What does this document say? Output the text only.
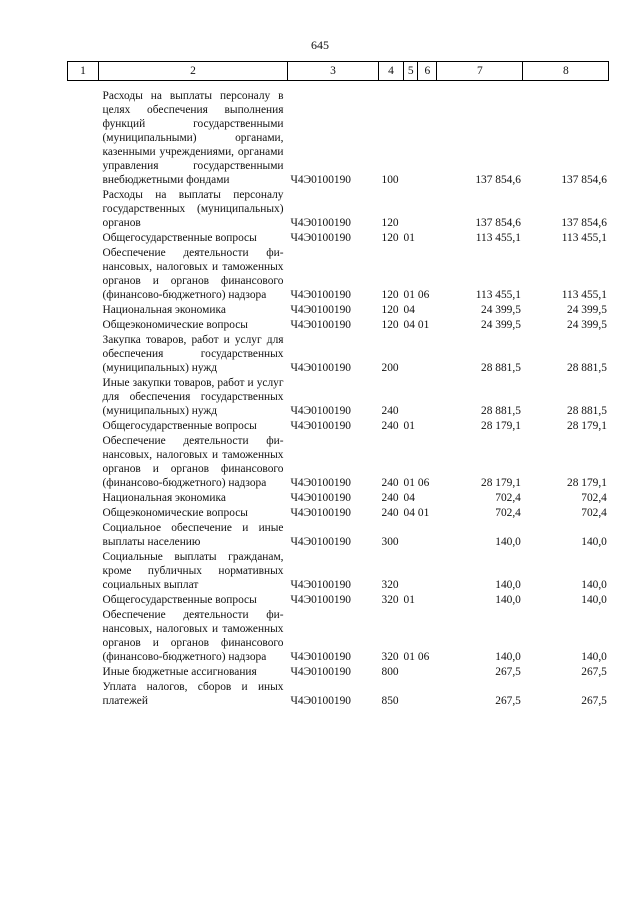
645
1	2	3	4	5	6	7	8
	Расходы на выплаты персоналу в целях обеспечения выполнения функций государственными (муниципальными) органами, казенными учреждениями, органами управления государственными внебюджетными фондами	Ч4Э0100190	100			137 854,6	137 854,6
	Расходы на выплаты персоналу государственных (муниципальных) органов	Ч4Э0100190	120			137 854,6	137 854,6
	Общегосударственные вопросы	Ч4Э0100190	120	01		113 455,1	113 455,1
	Обеспечение деятельности финансовых, налоговых и таможенных органов и органов финансового (финансово-бюджетного) надзора	Ч4Э0100190	120	01	06	113 455,1	113 455,1
	Национальная экономика	Ч4Э0100190	120	04		24 399,5	24 399,5
	Общеэкономические вопросы	Ч4Э0100190	120	04	01	24 399,5	24 399,5
	Закупка товаров, работ и услуг для обеспечения государственных (муниципальных) нужд	Ч4Э0100190	200			28 881,5	28 881,5
	Иные закупки товаров, работ и услуг для обеспечения государственных (муниципальных) нужд	Ч4Э0100190	240			28 881,5	28 881,5
	Общегосударственные вопросы	Ч4Э0100190	240	01		28 179,1	28 179,1
	Обеспечение деятельности финансовых, налоговых и таможенных органов и органов финансового (финансово-бюджетного) надзора	Ч4Э0100190	240	01	06	28 179,1	28 179,1
	Национальная экономика	Ч4Э0100190	240	04		702,4	702,4
	Общеэкономические вопросы	Ч4Э0100190	240	04	01	702,4	702,4
	Социальное обеспечение и иные выплаты населению	Ч4Э0100190	300			140,0	140,0
	Социальные выплаты гражданам, кроме публичных нормативных социальных выплат	Ч4Э0100190	320			140,0	140,0
	Общегосударственные вопросы	Ч4Э0100190	320	01		140,0	140,0
	Обеспечение деятельности финансовых, налоговых и таможенных органов и органов финансового (финансово-бюджетного) надзора	Ч4Э0100190	320	01	06	140,0	140,0
	Иные бюджетные ассигнования	Ч4Э0100190	800			267,5	267,5
	Уплата налогов, сборов и иных платежей	Ч4Э0100190	850			267,5	267,5
